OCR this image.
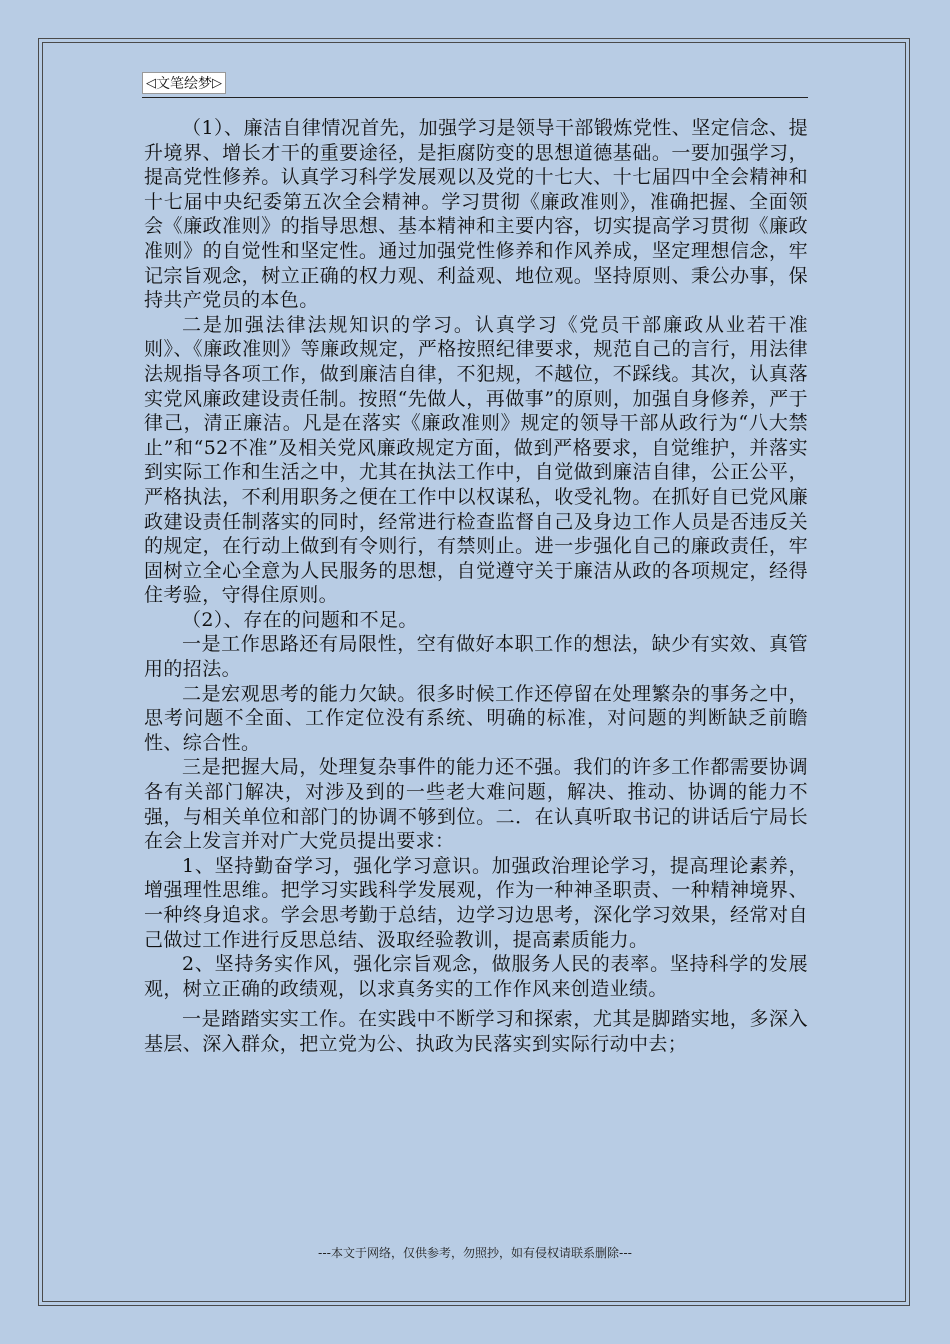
◁ 文笔绘梦 ▷

（1）、廉洁自律情况首先，加强学习是领导干部锻炼党性、坚定信念、提升境界、增长才干的重要途径，是拒腐防变的思想道德基础。一要加强学习，提高党性修养。认真学习科学发展观以及党的十七大、十七届四中全会精神和十七届中央纪委第五次全会精神。学习贯彻《廉政准则》，准确把握、全面领会《廉政准则》的指导思想、基本精神和主要内容，切实提高学习贯彻《廉政准则》的自觉性和坚定性。通过加强党性修养和作风养成，坚定理想信念，牢记宗旨观念，树立正确的权力观、利益观、地位观。坚持原则、秉公办事，保持共产党员的本色。

二是加强法律法规知识的学习。认真学习《党员干部廉政从业若干准则》、《廉政准则》等廉政规定，严格按照纪律要求，规范自己的言行，用法律法规指导各项工作，做到廉洁自律，不犯规，不越位，不踩线。其次，认真落实党风廉政建设责任制。按照“先做人，再做事”的原则，加强自身修养，严于律己，清正廉洁。凡是在落实《廉政准则》规定的领导干部从政行为“八大禁止”和“52不准”及相关党风廉政规定方面，做到严格要求，自觉维护，并落实到实际工作和生活之中，尤其在执法工作中，自觉做到廉洁自律，公正公平，严格执法，不利用职务之便在工作中以权谋私，收受礼物。在抓好自已党风廉政建设责任制落实的同时，经常进行检查监督自己及身边工作人员是否违反关的规定，在行动上做到有令则行，有禁则止。进一步强化自己的廉政责任，牢固树立全心全意为人民服务的思想，自觉遵守关于廉洁从政的各项规定，经得住考验，守得住原则。

（2）、存在的问题和不足。

一是工作思路还有局限性，空有做好本职工作的想法，缺少有实效、真管用的招法。

二是宏观思考的能力欠缺。很多时候工作还停留在处理繁杂的事务之中，思考问题不全面、工作定位没有系统、明确的标准，对问题的判断缺乏前瞻性、综合性。

三是把握大局，处理复杂事件的能力还不强。我们的许多工作都需要协调各有关部门解决，对涉及到的一些老大难问题，解决、推动、协调的能力不强，与相关单位和部门的协调不够到位。二．在认真听取书记的讲话后宁局长在会上发言并对广大党员提出要求：

1、坚持勤奋学习，强化学习意识。加强政治理论学习，提高理论素养，增强理性思维。把学习实践科学发展观，作为一种神圣职责、一种精神境界、一种终身追求。学会思考勤于总结，边学习边思考，深化学习效果，经常对自己做过工作进行反思总结、汲取经验教训，提高素质能力。

2、坚持务实作风，强化宗旨观念，做服务人民的表率。坚持科学的发展观，树立正确的政绩观，以求真务实的工作作风来创造业绩。

一是踏踏实实工作。在实践中不断学习和探索，尤其是脚踏实地，多深入基层、深入群众，把立党为公、执政为民落实到实际行动中去；

---本文于网络，仅供参考，勿照抄，如有侵权请联系删除---
